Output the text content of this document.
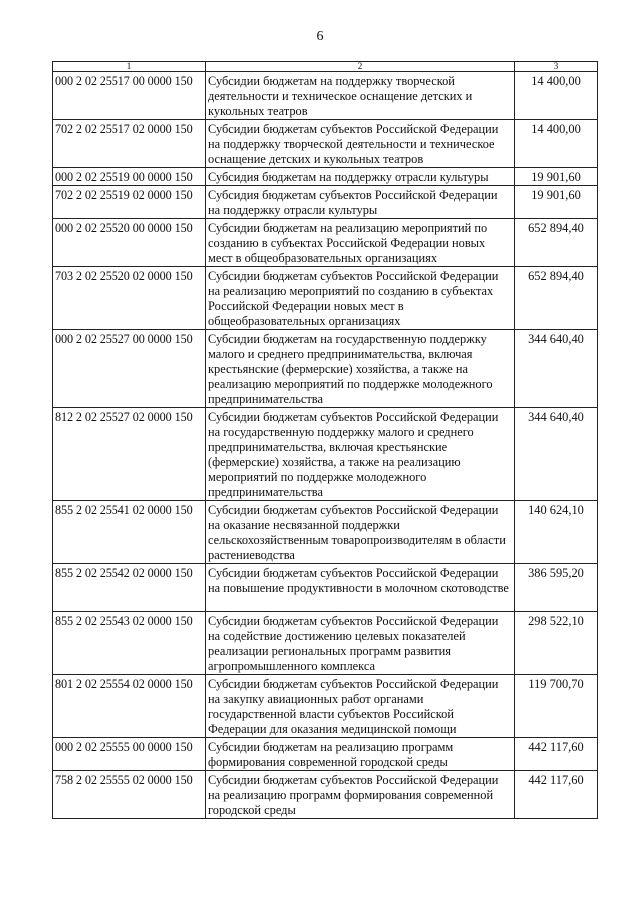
6
1	2	3
000 2 02 25517 00 0000 150	Субсидии бюджетам на поддержку творческой деятельности и техническое оснащение детских и кукольных театров	14 400,00
702 2 02 25517 02 0000 150	Субсидии бюджетам субъектов Российской Федерации на поддержку творческой деятельности и техническое оснащение детских и кукольных театров	14 400,00
000 2 02 25519 00 0000 150	Субсидия бюджетам на поддержку отрасли культуры	19 901,60
702 2 02 25519 02 0000 150	Субсидия бюджетам субъектов Российской Федерации на поддержку отрасли культуры	19 901,60
000 2 02 25520 00 0000 150	Субсидии бюджетам на реализацию мероприятий по созданию в субъектах Российской Федерации новых мест в общеобразовательных организациях	652 894,40
703 2 02 25520 02 0000 150	Субсидии бюджетам субъектов Российской Федерации на реализацию мероприятий по созданию в субъектах Российской Федерации новых мест в общеобразовательных организациях	652 894,40
000 2 02 25527 00 0000 150	Субсидии бюджетам на государственную поддержку малого и среднего предпринимательства, включая крестьянские (фермерские) хозяйства, а также на реализацию мероприятий по поддержке молодежного предпринимательства	344 640,40
812 2 02 25527 02 0000 150	Субсидии бюджетам субъектов Российской Федерации на государственную поддержку малого и среднего предпринимательства, включая крестьянские (фермерские) хозяйства, а также на реализацию мероприятий по поддержке молодежного предпринимательства	344 640,40
855 2 02 25541 02 0000 150	Субсидии бюджетам субъектов Российской Федерации на оказание несвязанной поддержки сельскохозяйственным товаропроизводителям в области растениеводства	140 624,10
855 2 02 25542 02 0000 150	Субсидии бюджетам субъектов Российской Федерации на повышение продуктивности в молочном скотоводстве	386 595,20
855 2 02 25543 02 0000 150	Субсидии бюджетам субъектов Российской Федерации на содействие достижению целевых показателей реализации региональных программ развития агропромышленного комплекса	298 522,10
801 2 02 25554 02 0000 150	Субсидии бюджетам субъектов Российской Федерации на закупку авиационных работ органами государственной власти субъектов Российской Федерации для оказания медицинской помощи	119 700,70
000 2 02 25555 00 0000 150	Субсидии бюджетам на реализацию программ формирования современной городской среды	442 117,60
758 2 02 25555 02 0000 150	Субсидии бюджетам субъектов Российской Федерации на реализацию программ формирования современной городской среды	442 117,60
